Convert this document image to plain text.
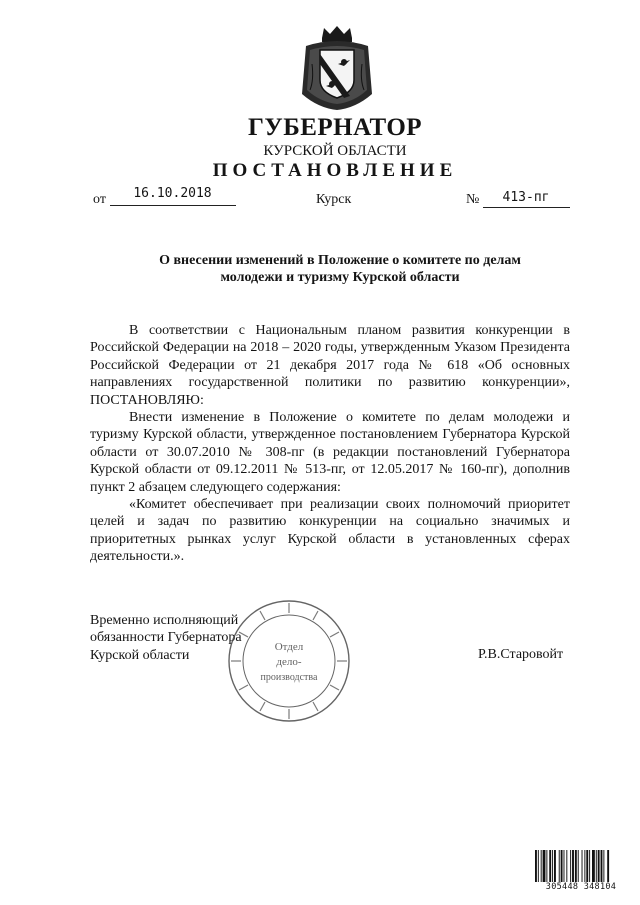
ГУБЕРНАТОР
КУРСКОЙ ОБЛАСТИ
ПОСТАНОВЛЕНИЕ
от	16.10.2018	Курск	№	413-пг
О внесении изменений в Положение о комитете по делам молодежи и туризму Курской области

В соответствии с Национальным планом развития конкуренции в Российской Федерации на 2018 – 2020 годы, утвержденным Указом Президента Российской Федерации от 21 декабря 2017 года № 618 «Об основных направлениях государственной политики по развитию конкуренции», ПОСТАНОВЛЯЮ:

Внести изменение в Положение о комитете по делам молодежи и туризму Курской области, утвержденное постановлением Губернатора Курской области от 30.07.2010 № 308-пг (в редакции постановлений Губернатора Курской области от 09.12.2011 № 513-пг, от 12.05.2017 № 160-пг), дополнив пункт 2 абзацем следующего содержания:

«Комитет обеспечивает при реализации своих полномочий приоритет целей и задач по развитию конкуренции на социально значимых и приоритетных рынках услуг Курской области в установленных сферах деятельности.».

Временно исполняющий
обязанности Губернатора
Курской области
Отдел
дело-
производства
Р.В.Старовойт
305448 348104
